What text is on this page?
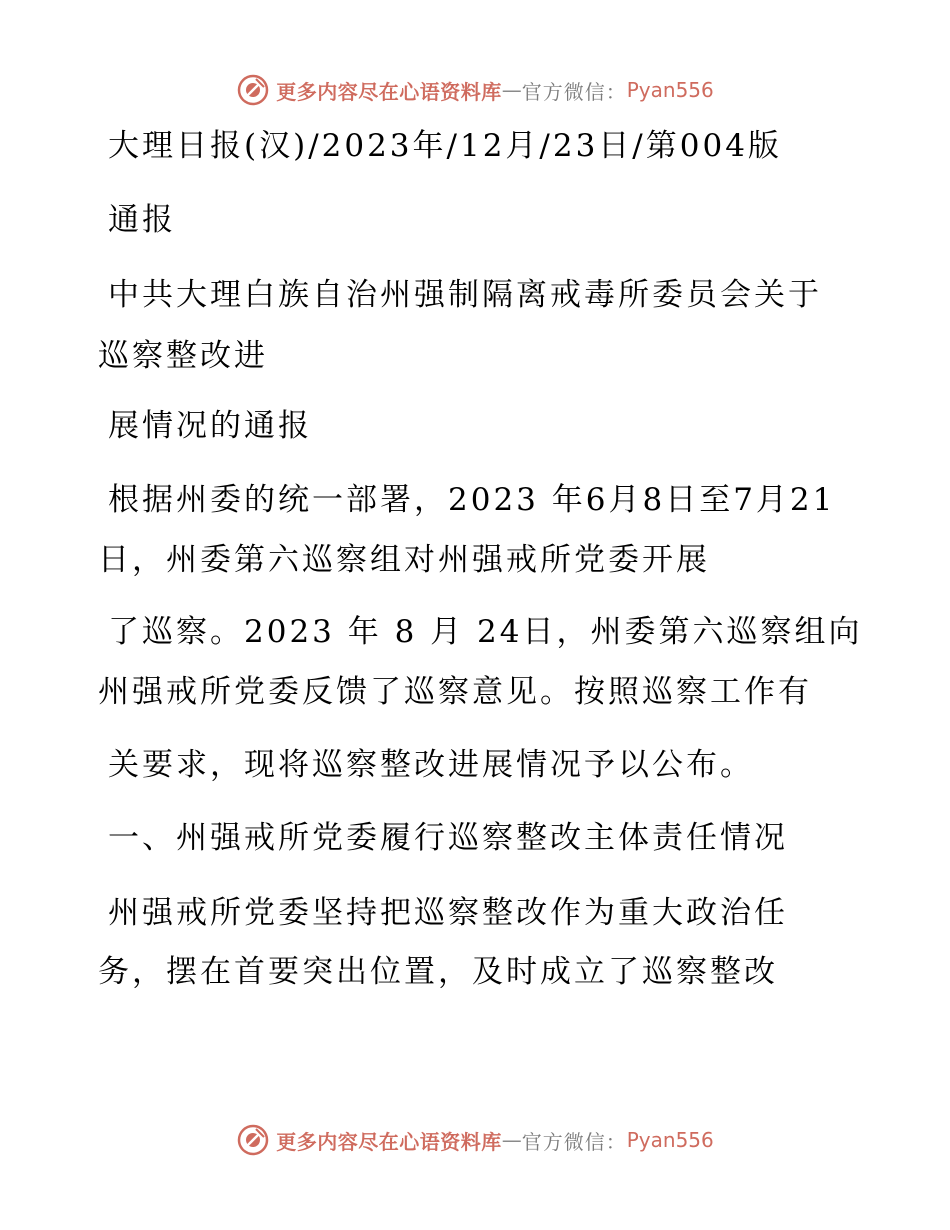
更多内容尽在心语资料库 — 官方微信： Pyan556
大理日报(汉)/2023年/12月/23日/第004版
通报
中共大理白族自治州强制隔离戒毒所委员会关于
巡察整改进
展情况的通报
根据州委的统一部署，2023 年6月8日至7月21
日，州委第六巡察组对州强戒所党委开展
了巡察。2023 年 8 月 24日，州委第六巡察组向
州强戒所党委反馈了巡察意见。按照巡察工作有
关要求，现将巡察整改进展情况予以公布。
一、州强戒所党委履行巡察整改主体责任情况
州强戒所党委坚持把巡察整改作为重大政治任
务，摆在首要突出位置，及时成立了巡察整改
更多内容尽在心语资料库 — 官方微信： Pyan556
